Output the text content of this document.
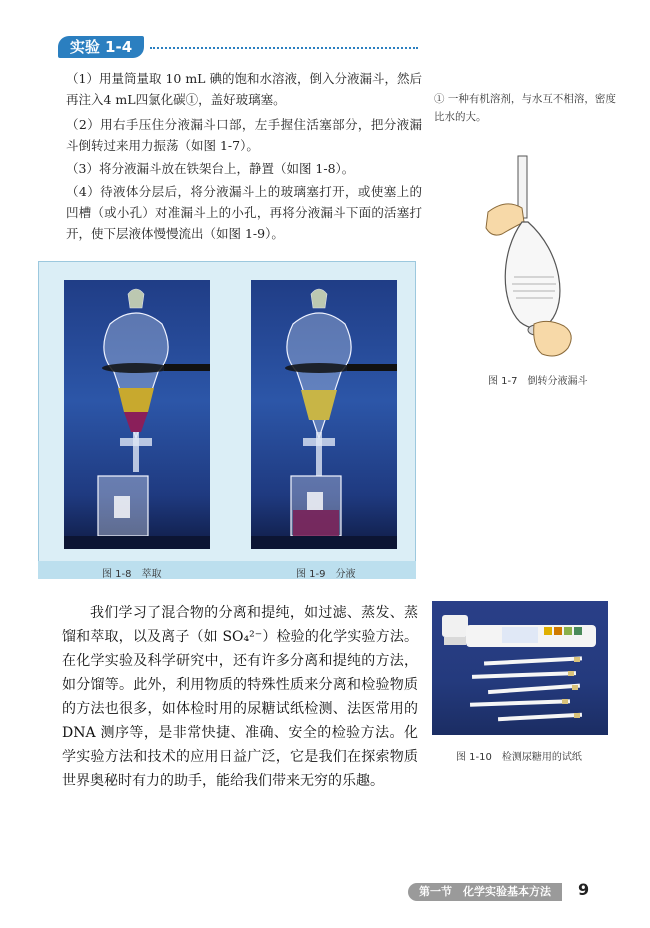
实验 1-4
（1）用量筒量取 10 mL 碘的饱和水溶液，倒入分液漏斗，然后再注入4 mL四氯化碳①，盖好玻璃塞。
（2）用右手压住分液漏斗口部，左手握住活塞部分，把分液漏斗倒转过来用力振荡（如图 1-7）。
（3）将分液漏斗放在铁架台上，静置（如图 1-8）。
（4）待液体分层后，将分液漏斗上的玻璃塞打开，或使塞上的凹槽（或小孔）对准漏斗上的小孔，再将分液漏斗下面的活塞打开，使下层液体慢慢流出（如图 1-9）。
① 一种有机溶剂，与水互不相溶，密度比水的大。
图 1-7　倒转分液漏斗
图 1-8　萃取	图 1-9　分液
我们学习了混合物的分离和提纯，如过滤、蒸发、蒸馏和萃取，以及离子（如 SO₄²⁻）检验的化学实验方法。在化学实验及科学研究中，还有许多分离和提纯的方法，如分馏等。此外，利用物质的特殊性质来分离和检验物质的方法也很多，如体检时用的尿糖试纸检测、法医常用的 DNA 测序等，是非常快捷、准确、安全的检验方法。化学实验方法和技术的应用日益广泛，它是我们在探索物质世界奥秘时有力的助手，能给我们带来无穷的乐趣。
图 1-10　检测尿糖用的试纸
第一节　化学实验基本方法	9
